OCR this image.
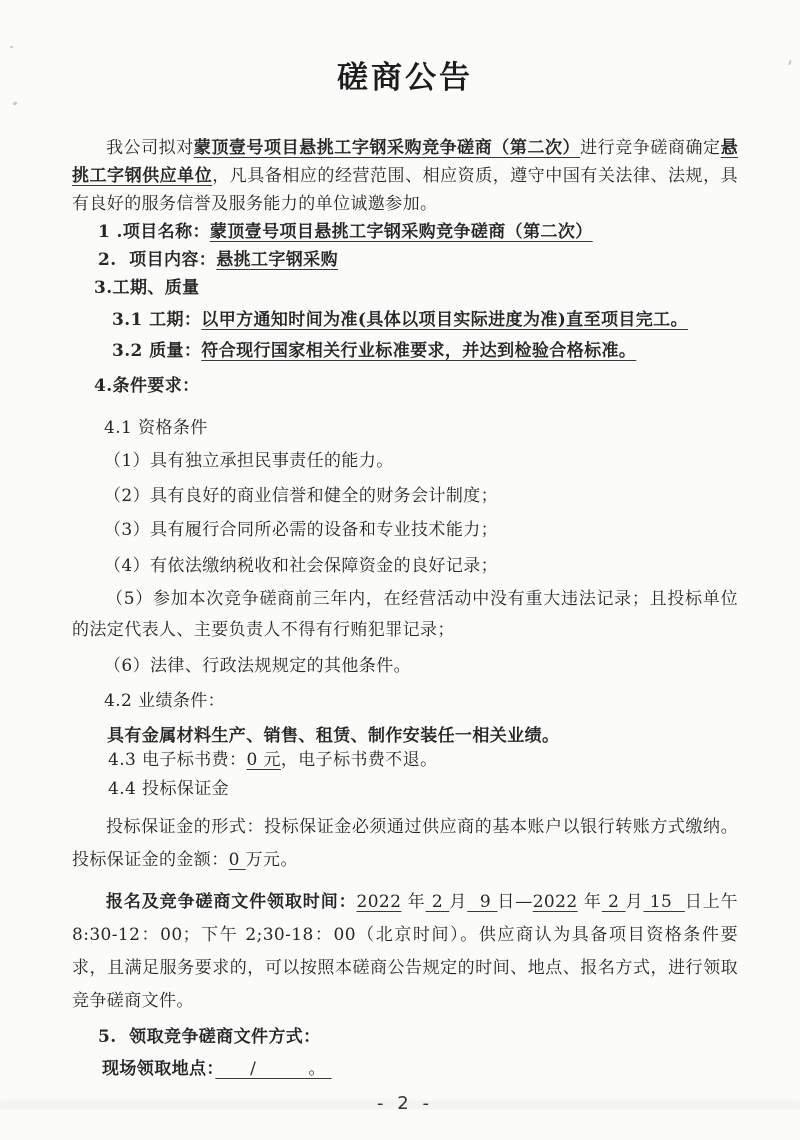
磋商公告

我公司拟对蒙顶壹号项目悬挑工字钢采购竞争磋商（第二次）进行竞争磋商确定悬挑工字钢供应单位，凡具备相应的经营范围、相应资质，遵守中国有关法律、法规，具有良好的服务信誉及服务能力的单位诚邀参加。

1 .项目名称：蒙顶壹号项目悬挑工字钢采购竞争磋商（第二次）

2.  项目内容：悬挑工字钢采购

3.工期、质量

3.1 工期：以甲方通知时间为准(具体以项目实际进度为准)直至项目完工。

3.2 质量：符合现行国家相关行业标准要求，并达到检验合格标准。

4.条件要求：

4.1 资格条件

（1）具有独立承担民事责任的能力。

（2）具有良好的商业信誉和健全的财务会计制度；

（3）具有履行合同所必需的设备和专业技术能力；

（4）有依法缴纳税收和社会保障资金的良好记录；

（5）参加本次竞争磋商前三年内，在经营活动中没有重大违法记录；且投标单位的法定代表人、主要负责人不得有行贿犯罪记录；

（6）法律、行政法规规定的其他条件。

4.2 业绩条件：

具有金属材料生产、销售、租赁、制作安装任一相关业绩。

4.3 电子标书费：0 元，电子标书费不退。

4.4 投标保证金

投标保证金的形式：投标保证金必须通过供应商的基本账户以银行转账方式缴纳。投标保证金的金额：0 万元。

报名及竞争磋商文件领取时间：2022 年 2 月  9 日—2022 年 2 月 15  日上午 8:30-12：00；下午 2;30-18：00（北京时间）。供应商认为具备项目资格条件要求，且满足服务要求的，可以按照本磋商公告规定的时间、地点、报名方式，进行领取竞争磋商文件。

5.  领取竞争磋商文件方式：

现场领取地点：　　/　　　。

- 2 -
